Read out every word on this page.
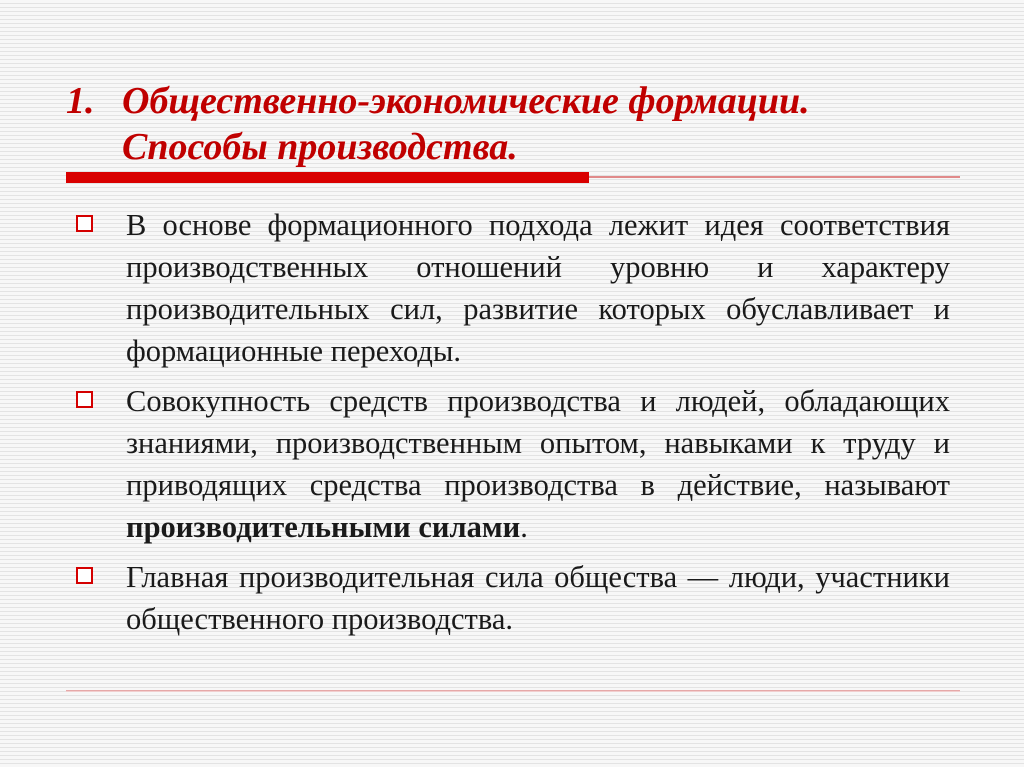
1. Общественно-экономические формации.
Способы производства.
В основе формационного подхода лежит идея соответствия производственных отношений уровню и характеру производительных сил, развитие которых обуславливает и формационные переходы.
Совокупность средств производства и людей, обладающих знаниями, производственным опытом, навыками к труду и приводящих средства производства в действие, называют производительными силами.
Главная производительная сила общества — люди, участники общественного производства.
